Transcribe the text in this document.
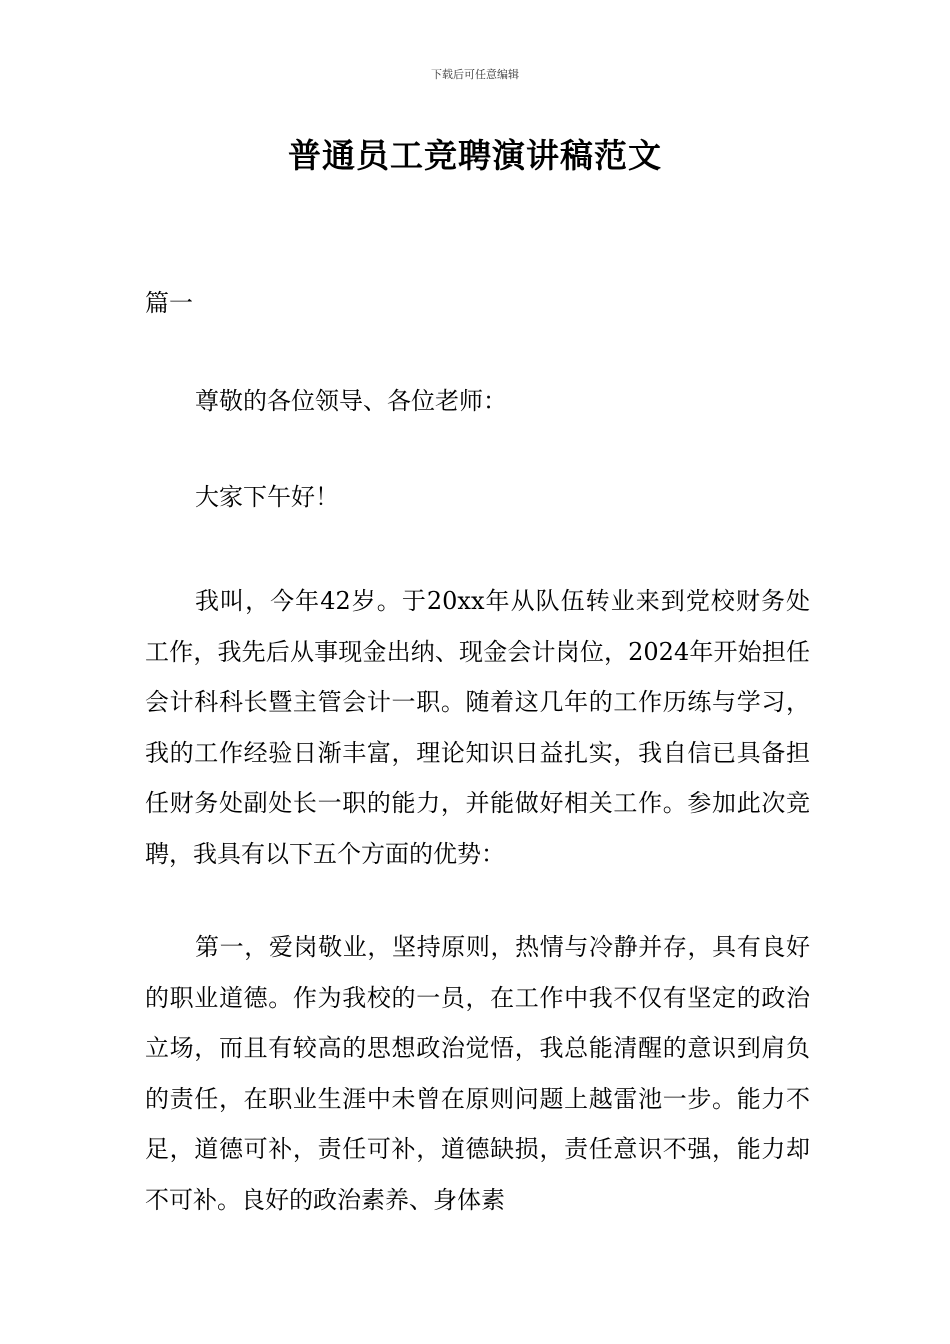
下载后可任意编辑
普通员工竞聘演讲稿范文
篇一

尊敬的各位领导、各位老师：

大家下午好！

我叫，今年42岁。于20xx年从队伍转业来到党校财务处工作，我先后从事现金出纳、现金会计岗位，2024年开始担任会计科科长暨主管会计一职。随着这几年的工作历练与学习，我的工作经验日渐丰富，理论知识日益扎实，我自信已具备担任财务处副处长一职的能力，并能做好相关工作。参加此次竞聘，我具有以下五个方面的优势：

第一，爱岗敬业，坚持原则，热情与冷静并存，具有良好的职业道德。作为我校的一员，在工作中我不仅有坚定的政治立场，而且有较高的思想政治觉悟，我总能清醒的意识到肩负的责任，在职业生涯中未曾在原则问题上越雷池一步。能力不足，道德可补，责任可补，道德缺损，责任意识不强，能力却不可补。良好的政治素养、身体素
